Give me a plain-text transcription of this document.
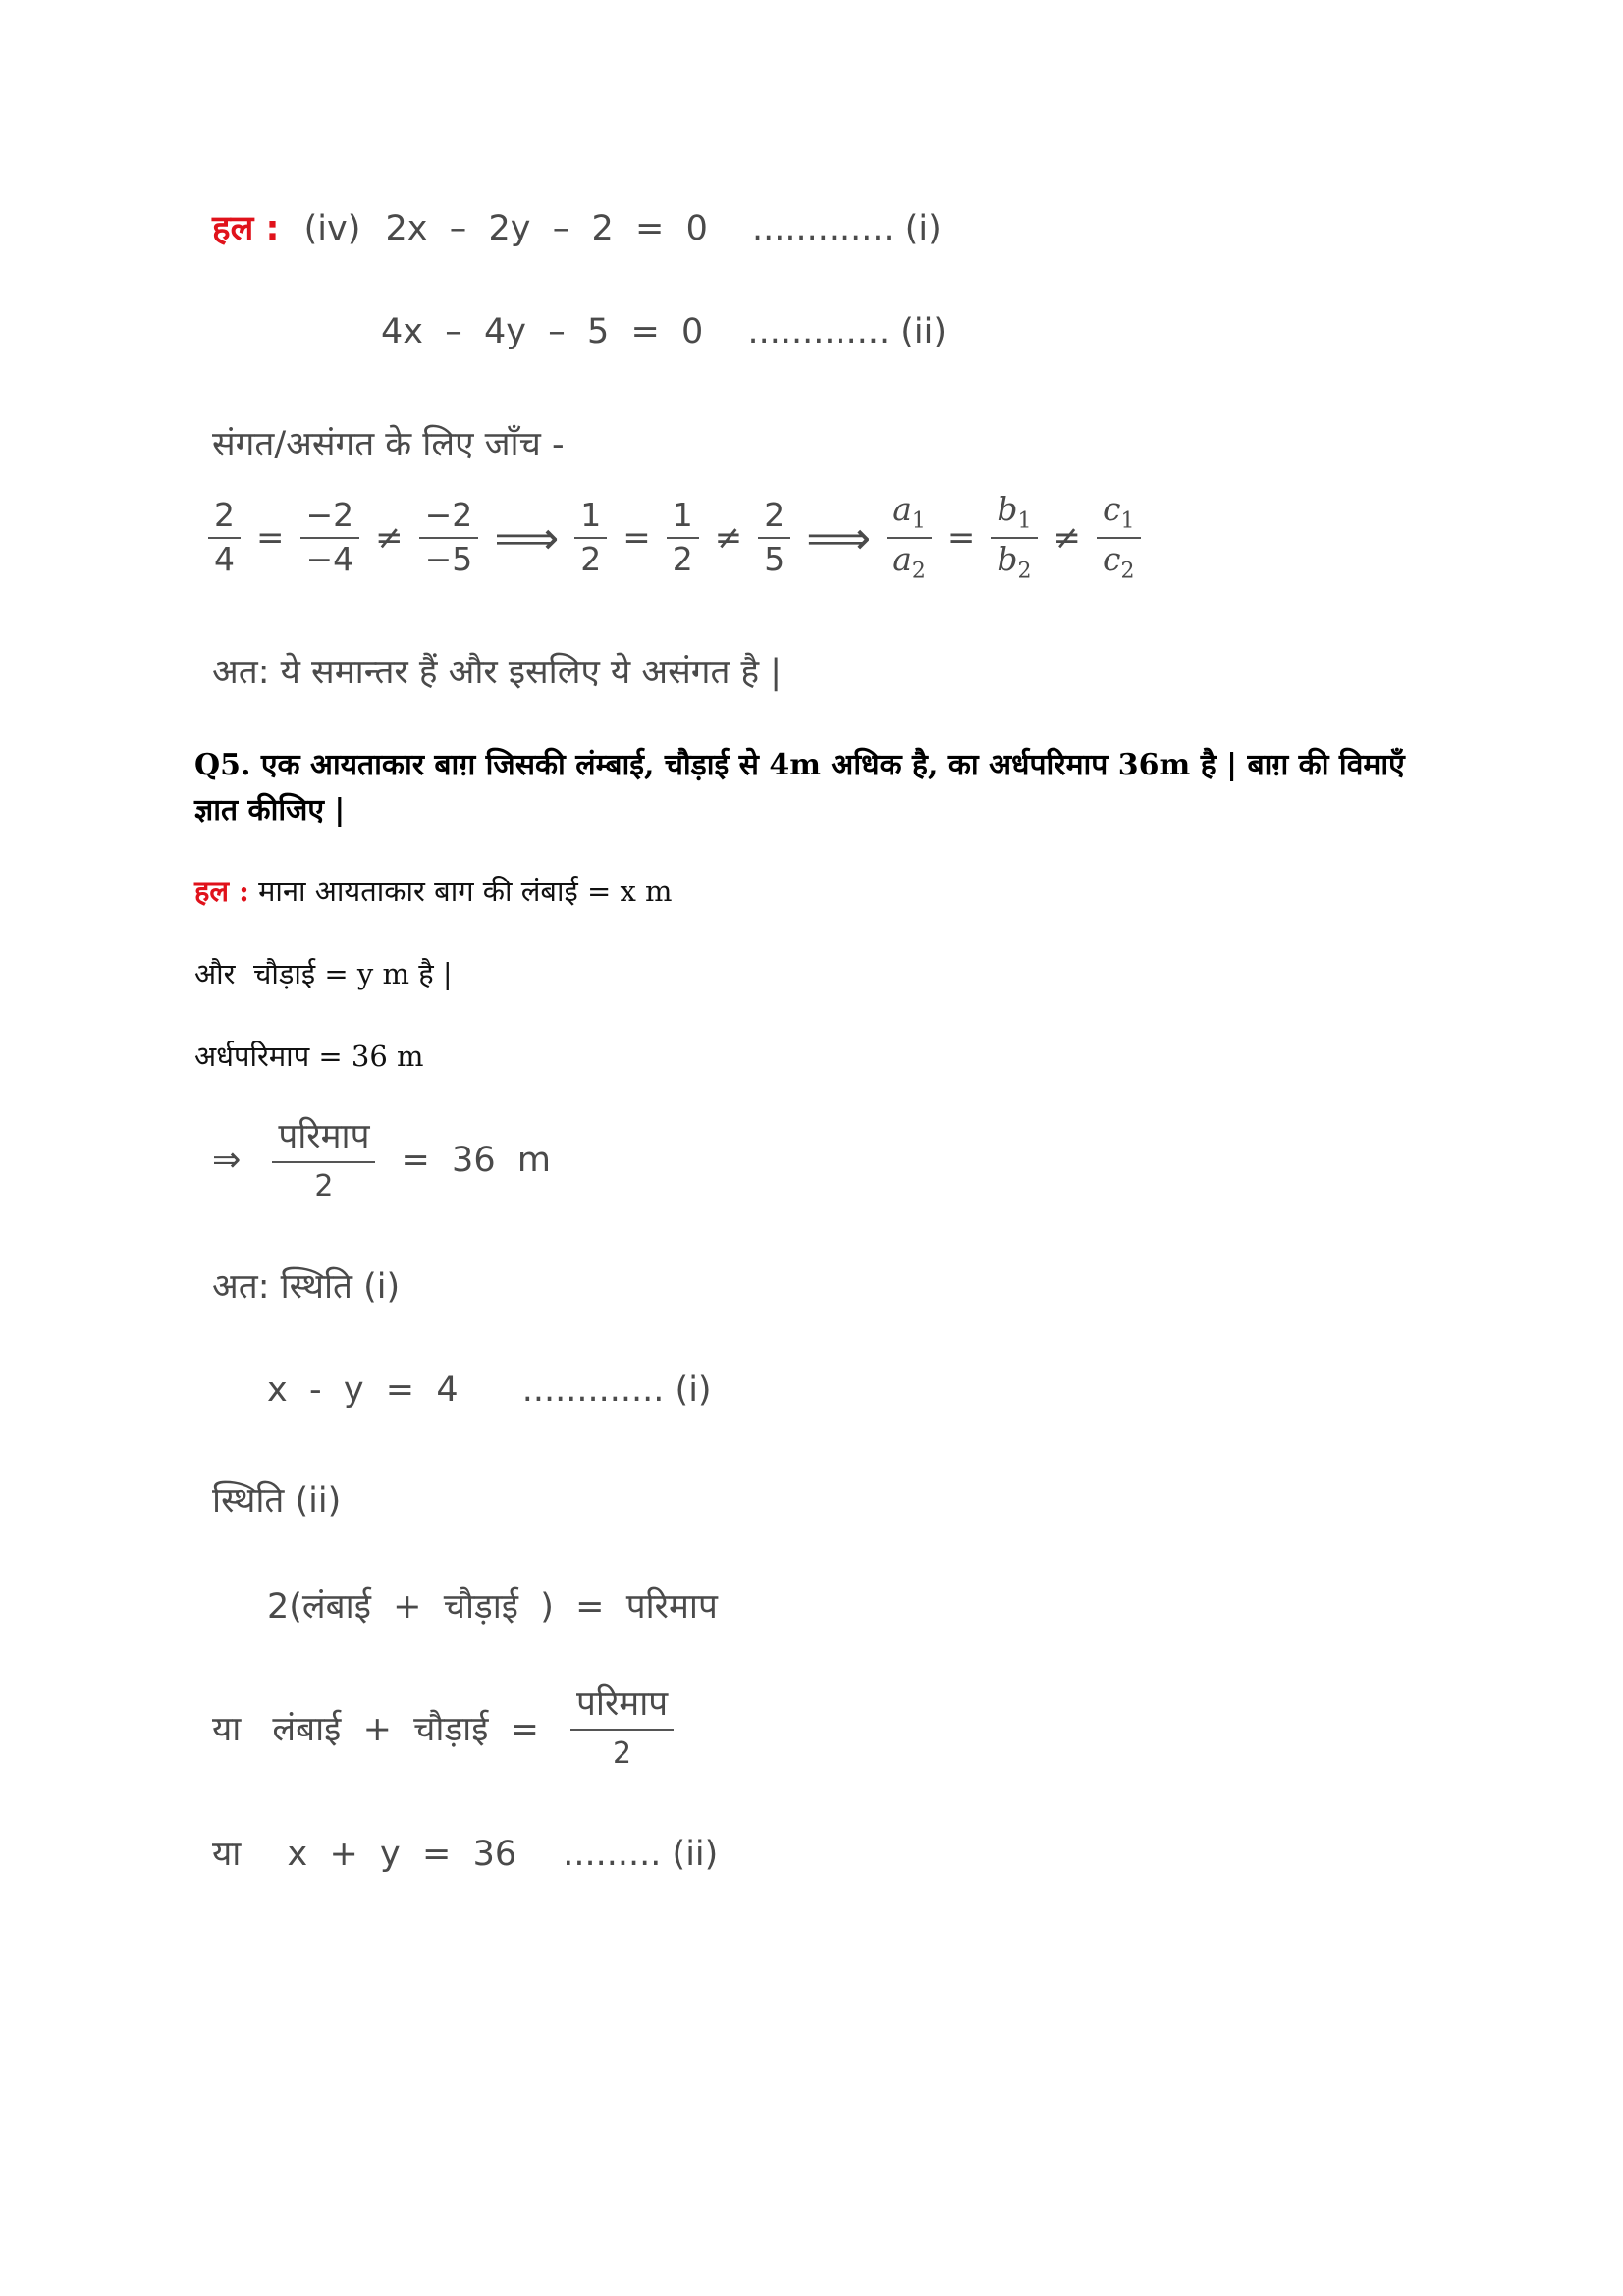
हल : (iv) 2x  –  2y  –  2  =  0 ............. (i)
4x  –  4y  –  5  =  0 ............. (ii)
संगत/असंगत के लिए जाँच -
$\frac{2}{4} = \frac{-2}{-4} \ne \frac{-2}{-5}$ ⟹ $\frac{1}{2} = \frac{1}{2} \ne \frac{2}{5}$ ⟹ $\frac{a_1}{a_2} = \frac{b_1}{b_2} \ne \frac{c_1}{c_2}$
अत: ये समान्तर हैं और इसलिए ये असंगत है |
Q5. एक आयताकार बाग़ जिसकी लंम्बाई, चौड़ाई से 4m अधिक है, का अर्धपरिमाप 36m है | बाग़ की विमाएँ ज्ञात कीजिए |
हल : माना आयताकार बाग की लंबाई = x m
और  चौड़ाई = y m है |
अर्धपरिमाप = 36 m
⇒ $\frac{\text{परिमाप}}{2} = 36$  m
अत: स्थिति (i)
x  -  y  =  4 ............. (i)
स्थिति (ii)
2(लंबाई  +  चौड़ाई  )  =  परिमाप
या लंबाई  +  चौड़ाई  = $\frac{\text{परिमाप}}{2}$
या x  +  y  =  36 ......... (ii)
